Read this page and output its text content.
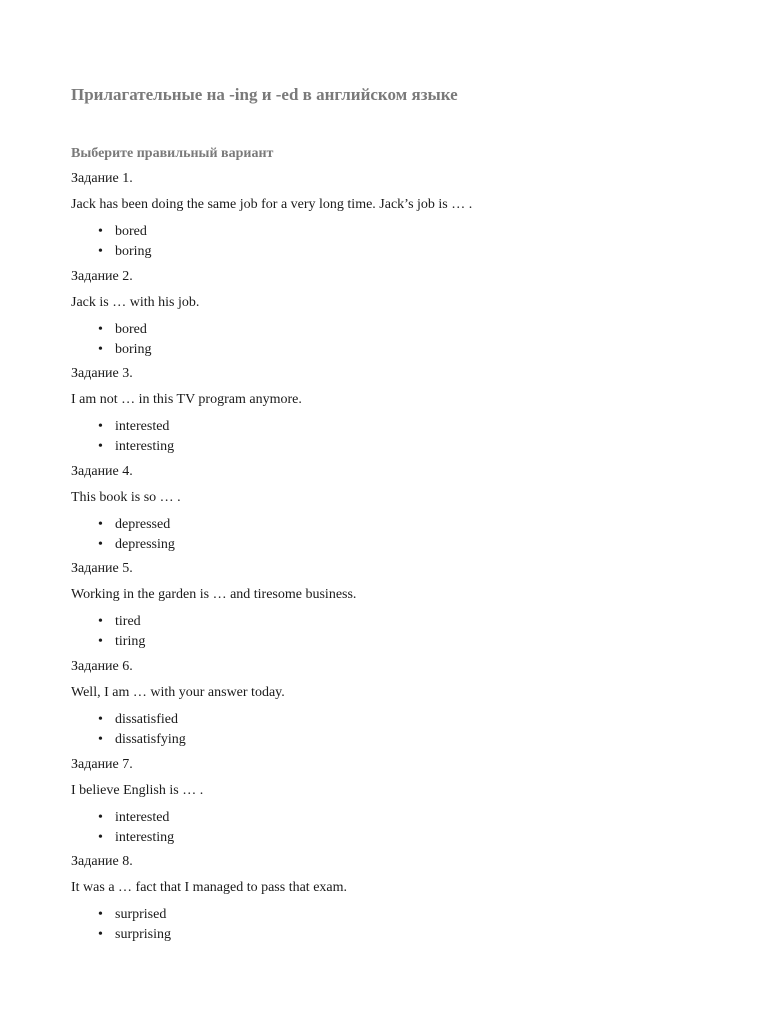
Прилагательные на -ing и -ed в английском языке
Выберите правильный вариант
Задание 1.
Jack has been doing the same job for a very long time. Jack’s job is … .
• bored
• boring
Задание 2.
Jack is … with his job.
• bored
• boring
Задание 3.
I am not … in this TV program anymore.
• interested
• interesting
Задание 4.
This book is so … .
• depressed
• depressing
Задание 5.
Working in the garden is … and tiresome business.
• tired
• tiring
Задание 6.
Well, I am … with your answer today.
• dissatisfied
• dissatisfying
Задание 7.
I believe English is … .
• interested
• interesting
Задание 8.
It was a … fact that I managed to pass that exam.
• surprised
• surprising
